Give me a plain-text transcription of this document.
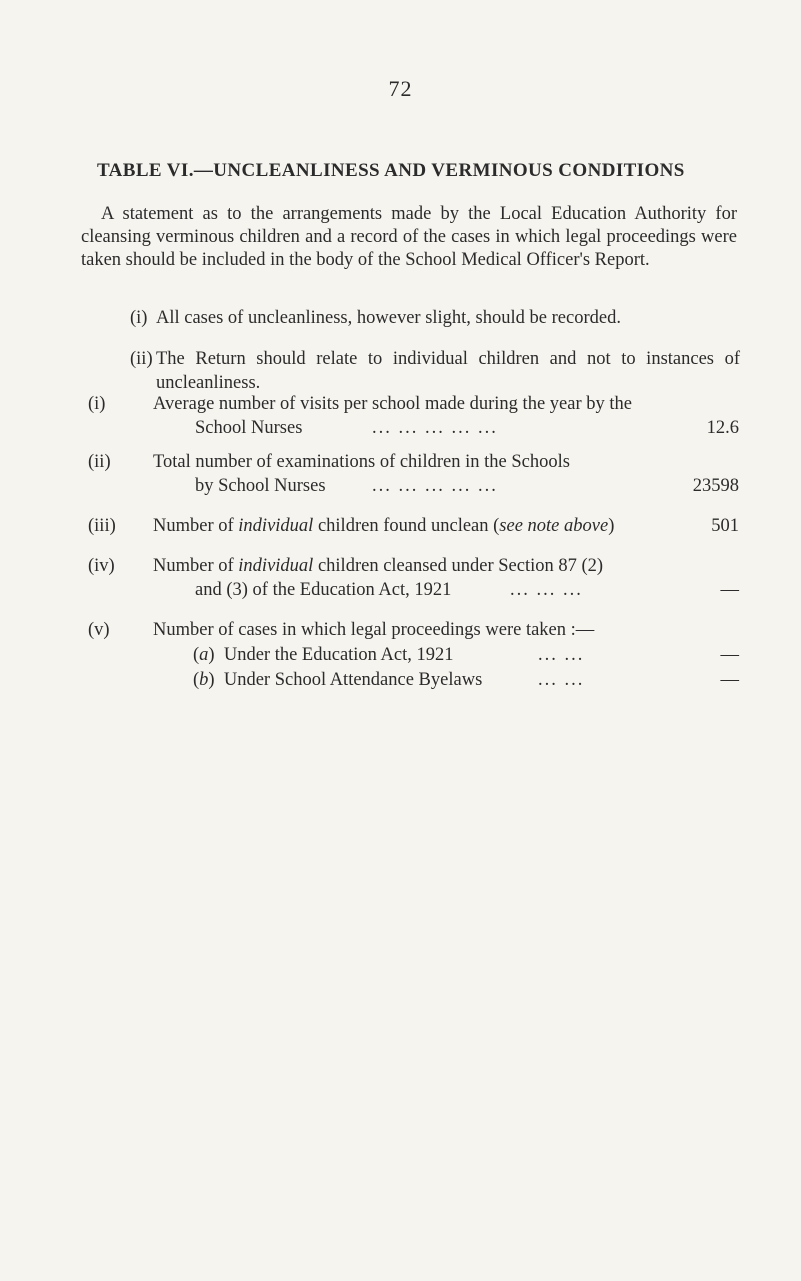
72
TABLE VI.—UNCLEANLINESS AND VERMINOUS CONDITIONS

A statement as to the arrangements made by the Local Education Authority for cleansing verminous children and a record of the cases in which legal proceedings were taken should be included in the body of the School Medical Officer's Report.

(i) All cases of uncleanliness, however slight, should be recorded.
(ii) The Return should relate to individual children and not to instances of uncleanliness.
(i)	Average number of visits per school made during the year by the
School Nurses	... ... ... ... ...	12.6
(ii) Total number of examinations of children in the Schools
by School Nurses	... ... ... ... ...	23598
(iii) Number of individual children found unclean (see note above)	501
(iv) Number of individual children cleansed under Section 87 (2)
and (3) of the Education Act, 1921	... ... ...	—
(v) Number of cases in which legal proceedings were taken :—
(a)  Under the Education Act, 1921	... ...	—
(b)  Under School Attendance Byelaws	... ...	—
